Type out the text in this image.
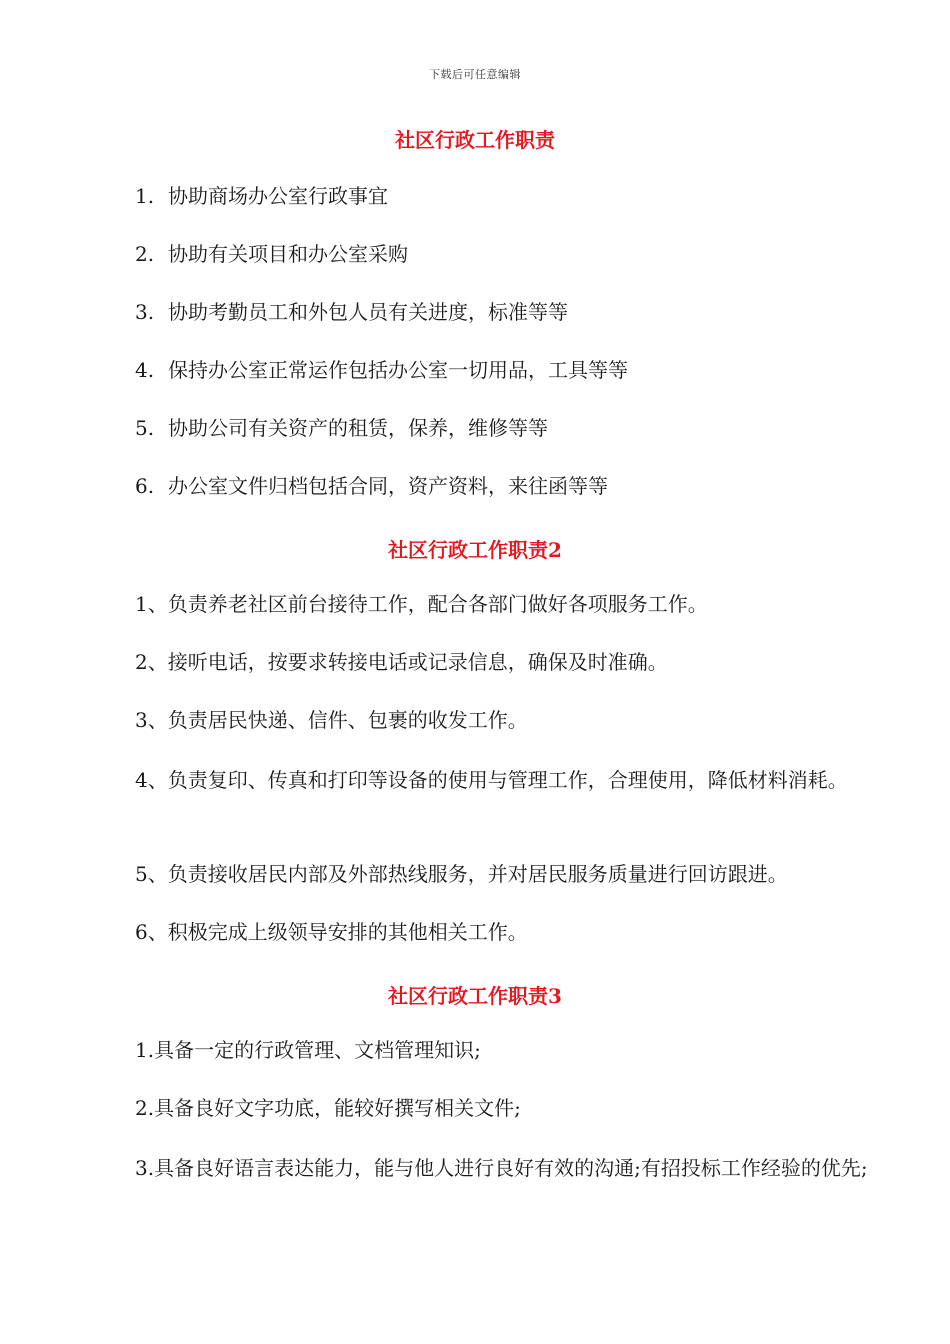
下载后可任意编辑
社区行政工作职责
1. 协助商场办公室行政事宜
2. 协助有关项目和办公室采购
3. 协助考勤员工和外包人员有关进度，标准等等
4. 保持办公室正常运作包括办公室一切用品，工具等等
5. 协助公司有关资产的租赁，保养，维修等等
6. 办公室文件归档包括合同，资产资料，来往函等等
社区行政工作职责2
1、负责养老社区前台接待工作，配合各部门做好各项服务工作。
2、接听电话，按要求转接电话或记录信息，确保及时准确。
3、负责居民快递、信件、包裹的收发工作。
4、负责复印、传真和打印等设备的使用与管理工作，合理使用，降低材料消耗。
5、负责接收居民内部及外部热线服务，并对居民服务质量进行回访跟进。
6、积极完成上级领导安排的其他相关工作。
社区行政工作职责3
1.具备一定的行政管理、文档管理知识;
2.具备良好文字功底，能较好撰写相关文件;
3.具备良好语言表达能力，能与他人进行良好有效的沟通;有招投标工作经验的优先;
